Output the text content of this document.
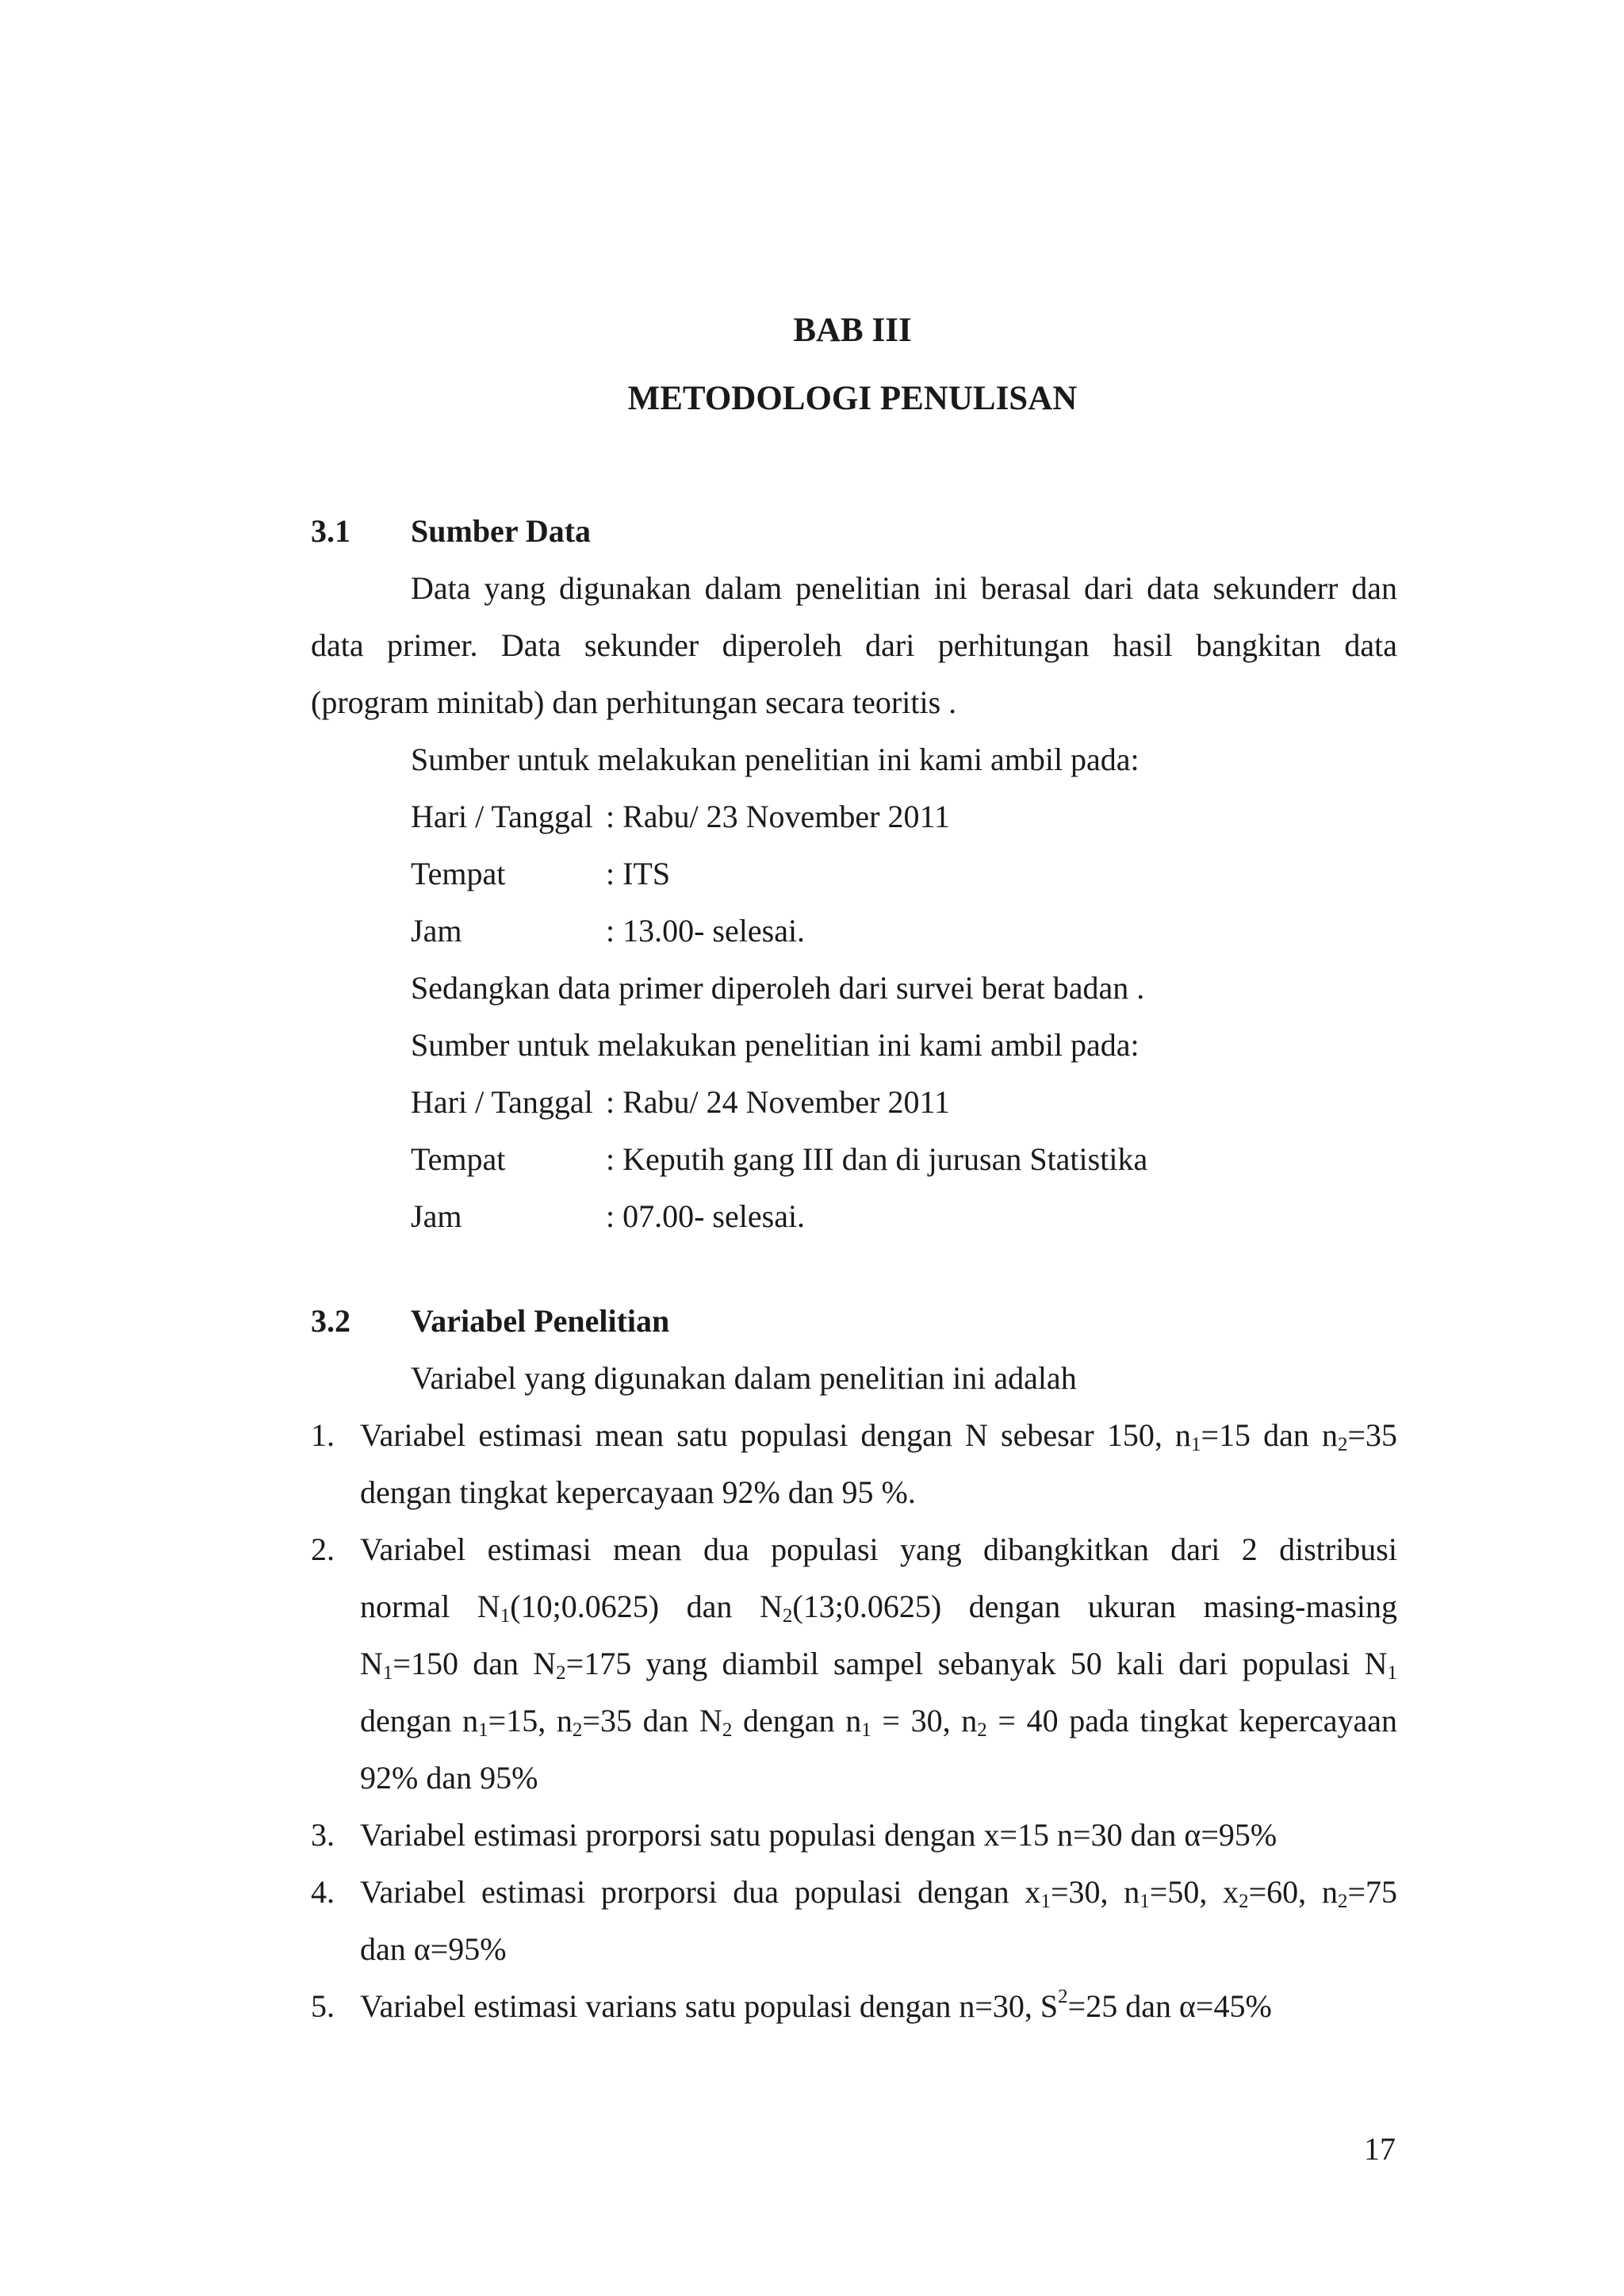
BAB III
METODOLOGI PENULISAN
3.1 Sumber Data
Data yang digunakan dalam penelitian ini berasal dari data sekunderr dan
data primer. Data sekunder diperoleh dari perhitungan hasil bangkitan data
(program minitab) dan perhitungan secara teoritis .
Sumber untuk melakukan penelitian ini kami ambil pada:
Hari / Tanggal : Rabu/ 23 November 2011
Tempat	: ITS
Jam	: 13.00- selesai.
Sedangkan data primer diperoleh dari survei berat badan .
Sumber untuk melakukan penelitian ini kami ambil pada:
Hari / Tanggal : Rabu/ 24 November 2011
Tempat	: Keputih gang III dan di jurusan Statistika
Jam	: 07.00- selesai.
3.2 Variabel Penelitian
Variabel yang digunakan dalam penelitian ini adalah
1. Variabel estimasi mean satu populasi dengan N sebesar 150, $n_1=15$ dan $n_2=35$
dengan tingkat kepercayaan 92% dan 95 %.
2. Variabel estimasi mean dua populasi yang dibangkitkan dari 2 distribusi
normal $N_1(10;0.0625)$ dan $N_2(13;0.0625)$ dengan ukuran masing-masing
$N_1=150$ dan $N_2=175$ yang diambil sampel sebanyak 50 kali dari populasi $N_1$
dengan $n_1=15$, $n_2=35$ dan $N_2$ dengan $n_1 = 30$, $n_2 = 40$ pada tingkat kepercayaan
92% dan 95%
3. Variabel estimasi prorporsi satu populasi dengan x=15 n=30 dan α=95%
4. Variabel estimasi prorporsi dua populasi dengan $x_1=30$, $n_1=50$, $x_2=60$, $n_2=75$
dan α=95%
5. Variabel estimasi varians satu populasi dengan n=30, $S^2=25$ dan α=45%
17
